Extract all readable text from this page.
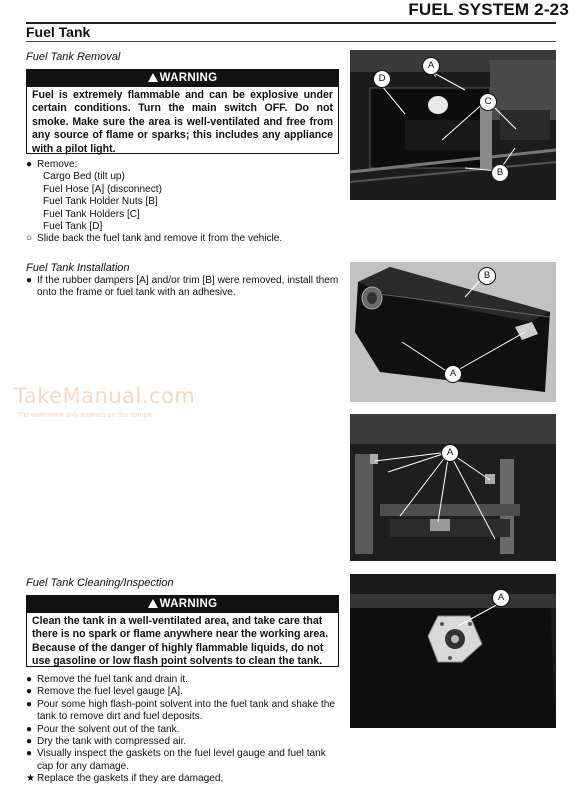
FUEL SYSTEM 2-23
Fuel Tank
Fuel Tank Removal
WARNING
Fuel is extremely flammable and can be explosive under certain conditions. Turn the main switch OFF. Do not smoke. Make sure the area is well-ventilated and free from any source of flame or sparks; this includes any appliance with a pilot light.
● Remove:
Cargo Bed (tilt up)
Fuel Hose [A] (disconnect)
Fuel Tank Holder Nuts [B]
Fuel Tank Holders [C]
Fuel Tank [D]
○ Slide back the fuel tank and remove it from the vehicle.
Fuel Tank Installation
● If the rubber dampers [A] and/or trim [B] were removed, install them onto the frame or fuel tank with an adhesive.
TakeManual.com
The watermark only appears on this sample
Fuel Tank Cleaning/Inspection
WARNING
Clean the tank in a well-ventilated area, and take care that there is no spark or flame anywhere near the working area. Because of the danger of highly flammable liquids, do not use gasoline or low flash point solvents to clean the tank.
● Remove the fuel tank and drain it.
● Remove the fuel level gauge [A].
● Pour some high flash-point solvent into the fuel tank and shake the tank to remove dirt and fuel deposits.
● Pour the solvent out of the tank.
● Dry the tank with compressed air.
● Visually inspect the gaskets on the fuel level gauge and fuel tank cap for any damage.
★ Replace the gaskets if they are damaged.
A
C
D
B
B
A
A
A
